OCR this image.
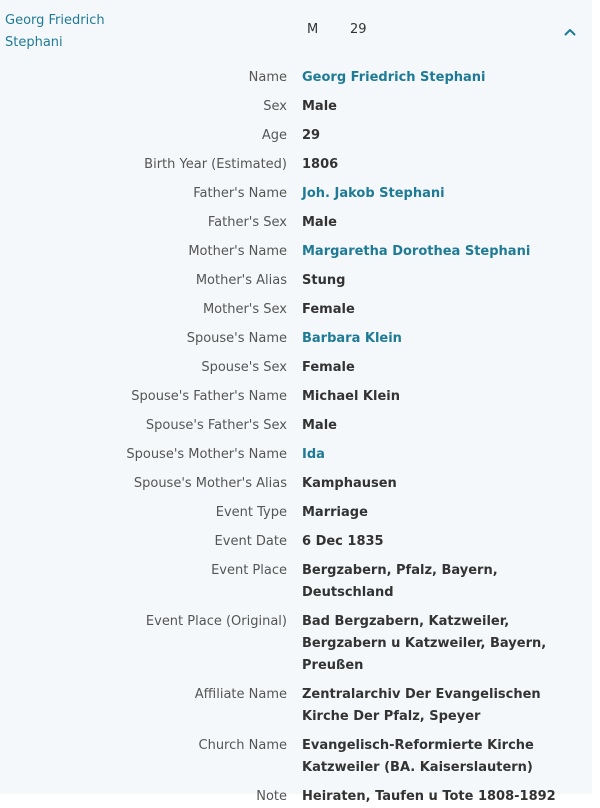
Georg Friedrich Stephani
M 29
Name Georg Friedrich Stephani
Sex Male
Age 29
Birth Year (Estimated) 1806
Father's Name Joh. Jakob Stephani
Father's Sex Male
Mother's Name Margaretha Dorothea Stephani
Mother's Alias Stung
Mother's Sex Female
Spouse's Name Barbara Klein
Spouse's Sex Female
Spouse's Father's Name Michael Klein
Spouse's Father's Sex Male
Spouse's Mother's Name Ida
Spouse's Mother's Alias Kamphausen
Event Type Marriage
Event Date 6 Dec 1835
Event Place Bergzabern, Pfalz, Bayern, Deutschland
Event Place (Original) Bad Bergzabern, Katzweiler, Bergzabern u Katzweiler, Bayern, Preußen
Affiliate Name Zentralarchiv Der Evangelischen Kirche Der Pfalz, Speyer
Church Name Evangelisch-Reformierte Kirche Katzweiler (BA. Kaiserslautern)
Note Heiraten, Taufen u Tote 1808-1892
